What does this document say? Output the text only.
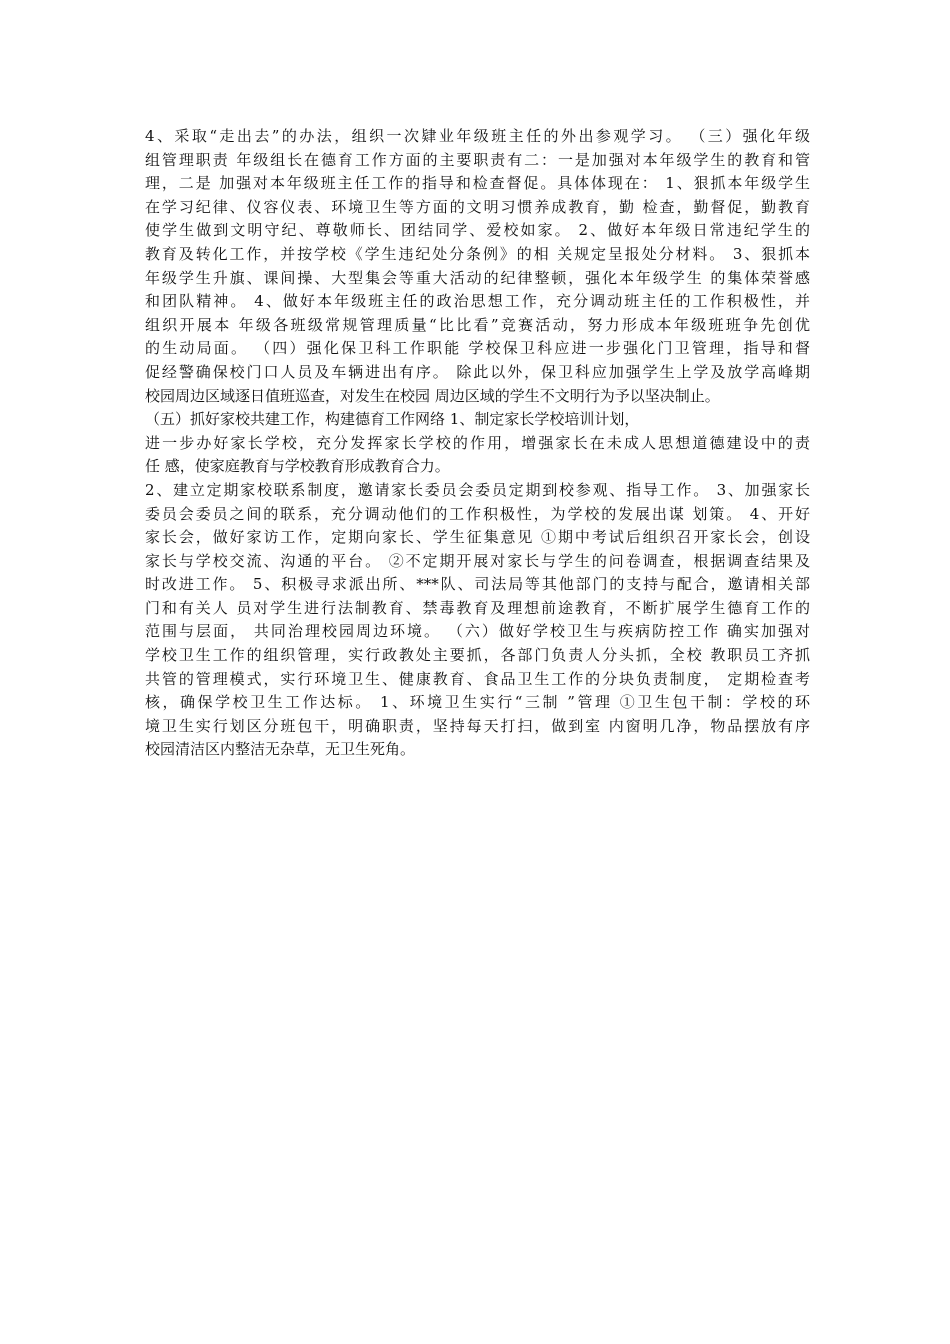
4、采取“走出去”的办法，组织一次肄业年级班主任的外出参观学习。 （三）强化年级
组管理职责 年级组长在德育工作方面的主要职责有二：一是加强对本年级学生的教育和管
理，二是 加强对本年级班主任工作的指导和检查督促。具体体现在： 1、狠抓本年级学生
在学习纪律、仪容仪表、环境卫生等方面的文明习惯养成教育，勤 检查，勤督促，勤教育
使学生做到文明守纪、尊敬师长、团结同学、爱校如家。 2、做好本年级日常违纪学生的
教育及转化工作，并按学校《学生违纪处分条例》的相 关规定呈报处分材料。 3、狠抓本
年级学生升旗、课间操、大型集会等重大活动的纪律整顿，强化本年级学生 的集体荣誉感
和团队精神。 4、做好本年级班主任的政治思想工作，充分调动班主任的工作积极性，并
组织开展本 年级各班级常规管理质量“比比看”竞赛活动，努力形成本年级班班争先创优
的生动局面。 （四）强化保卫科工作职能 学校保卫科应进一步强化门卫管理，指导和督
促经警确保校门口人员及车辆进出有序。 除此以外，保卫科应加强学生上学及放学高峰期
校园周边区域逐日值班巡查，对发生在校园 周边区域的学生不文明行为予以坚决制止。
（五）抓好家校共建工作，构建德育工作网络 1、制定家长学校培训计划，
进一步办好家长学校，充分发挥家长学校的作用，增强家长在未成人思想道德建设中的责
任 感，使家庭教育与学校教育形成教育合力。
2、建立定期家校联系制度，邀请家长委员会委员定期到校参观、指导工作。 3、加强家长
委员会委员之间的联系，充分调动他们的工作积极性，为学校的发展出谋 划策。 4、开好
家长会，做好家访工作，定期向家长、学生征集意见 ①期中考试后组织召开家长会，创设
家长与学校交流、沟通的平台。 ②不定期开展对家长与学生的问卷调查，根据调查结果及
时改进工作。 5、积极寻求派出所、***队、司法局等其他部门的支持与配合，邀请相关部
门和有关人 员对学生进行法制教育、禁毒教育及理想前途教育，不断扩展学生德育工作的
范围与层面， 共同治理校园周边环境。 （六）做好学校卫生与疾病防控工作 确实加强对
学校卫生工作的组织管理，实行政教处主要抓，各部门负责人分头抓，全校 教职员工齐抓
共管的管理模式，实行环境卫生、健康教育、食品卫生工作的分块负责制度， 定期检查考
核，确保学校卫生工作达标。 1、环境卫生实行“三制 ”管理 ①卫生包干制：学校的环
境卫生实行划区分班包干，明确职责，坚持每天打扫，做到室 内窗明几净，物品摆放有序
校园清洁区内整洁无杂草，无卫生死角。
